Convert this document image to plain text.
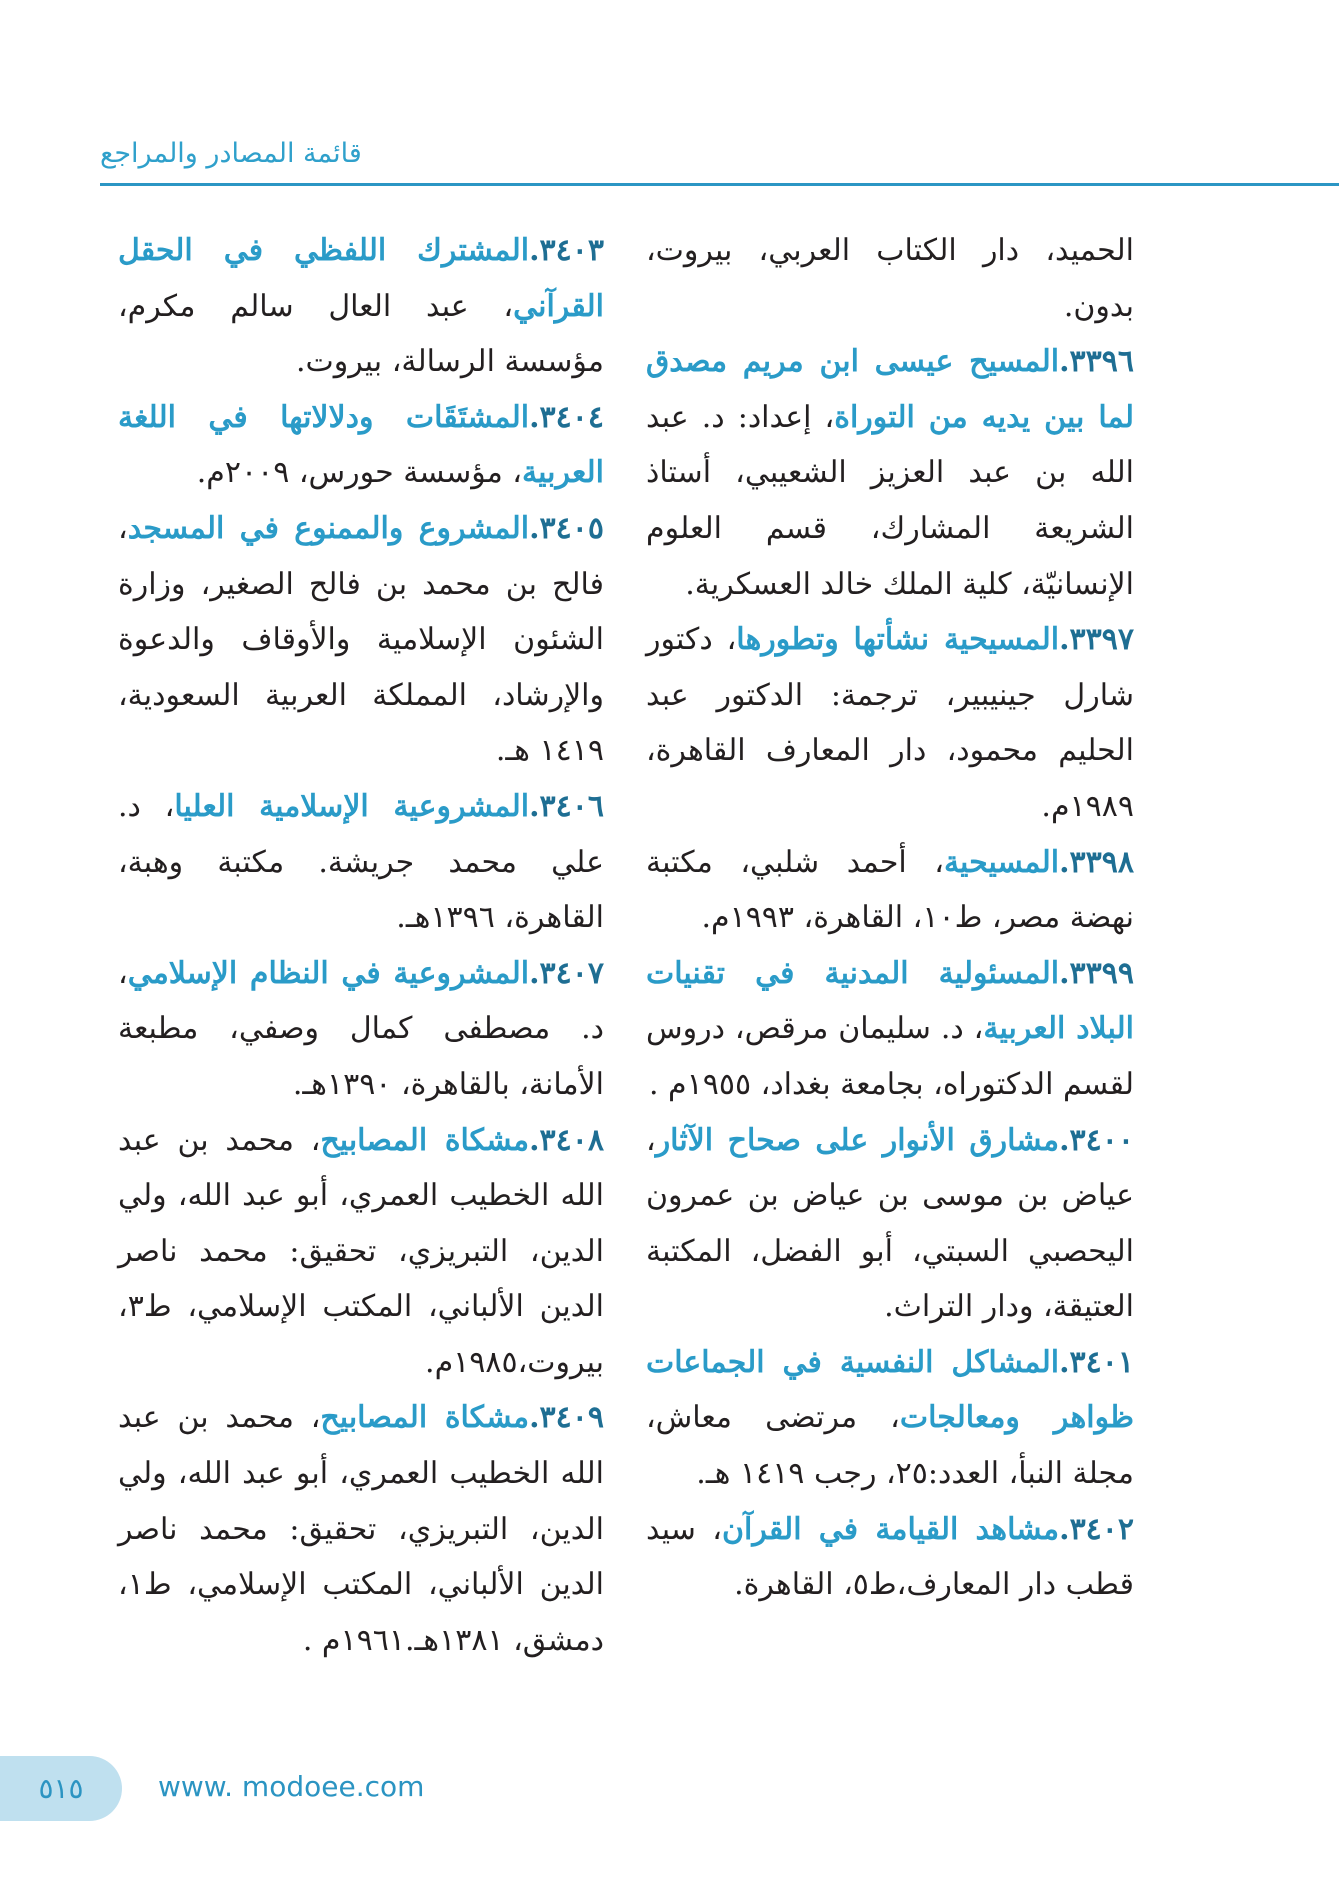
قائمة المصادر والمراجع

الحميد، دار الكتاب العربي، بيروت، بدون.

٣٣٩٦.المسيح عيسى ابن مريم مصدق لما بين يديه من التوراة، إعداد: د. عبد الله بن عبد العزيز الشعيبي، أستاذ الشريعة المشارك، قسم العلوم الإنسانيّة، كلية الملك خالد العسكرية.

٣٣٩٧.المسيحية نشأتها وتطورها، دكتور شارل جينيبير، ترجمة: الدكتور عبد الحليم محمود، دار المعارف القاهرة، ١٩٨٩م.

٣٣٩٨.المسيحية، أحمد شلبي، مكتبة نهضة مصر، ط١٠، القاهرة، ١٩٩٣م.

٣٣٩٩.المسئولية المدنية في تقنيات البلاد العربية، د. سليمان مرقص، دروس لقسم الدكتوراه، بجامعة بغداد، ١٩٥٥م .

٣٤٠٠.مشارق الأنوار على صحاح الآثار، عياض بن موسى بن عياض بن عمرون اليحصبي السبتي، أبو الفضل، المكتبة العتيقة، ودار التراث.

٣٤٠١.المشاكل النفسية في الجماعات ظواهر ومعالجات، مرتضى معاش، مجلة النبأ، العدد:٢٥، رجب ١٤١٩ هـ.

٣٤٠٢.مشاهد القيامة في القرآن، سيد قطب دار المعارف،ط٥، القاهرة.

٣٤٠٣.المشترك اللفظي في الحقل القرآني، عبد العال سالم مكرم، مؤسسة الرسالة، بيروت.

٣٤٠٤.المشتَقَات ودلالاتها في اللغة العربية، مؤسسة حورس، ٢٠٠٩م.

٣٤٠٥.المشروع والممنوع في المسجد، فالح بن محمد بن فالح الصغير، وزارة الشئون الإسلامية والأوقاف والدعوة والإرشاد، المملكة العربية السعودية، ١٤١٩ هـ.

٣٤٠٦.المشروعية الإسلامية العليا، د. علي محمد جريشة. مكتبة وهبة، القاهرة، ١٣٩٦هـ.

٣٤٠٧.المشروعية في النظام الإسلامي، د. مصطفى كمال وصفي، مطبعة الأمانة، بالقاهرة، ١٣٩٠هـ.

٣٤٠٨.مشكاة المصابيح، محمد بن عبد الله الخطيب العمري، أبو عبد الله، ولي الدين، التبريزي، تحقيق: محمد ناصر الدين الألباني، المكتب الإسلامي، ط٣، بيروت،١٩٨٥م.

٣٤٠٩.مشكاة المصابيح، محمد بن عبد الله الخطيب العمري، أبو عبد الله، ولي الدين، التبريزي، تحقيق: محمد ناصر الدين الألباني، المكتب الإسلامي، ط١، دمشق، ١٣٨١هـ.١٩٦١م .

٥١٥	www. modoee.com
